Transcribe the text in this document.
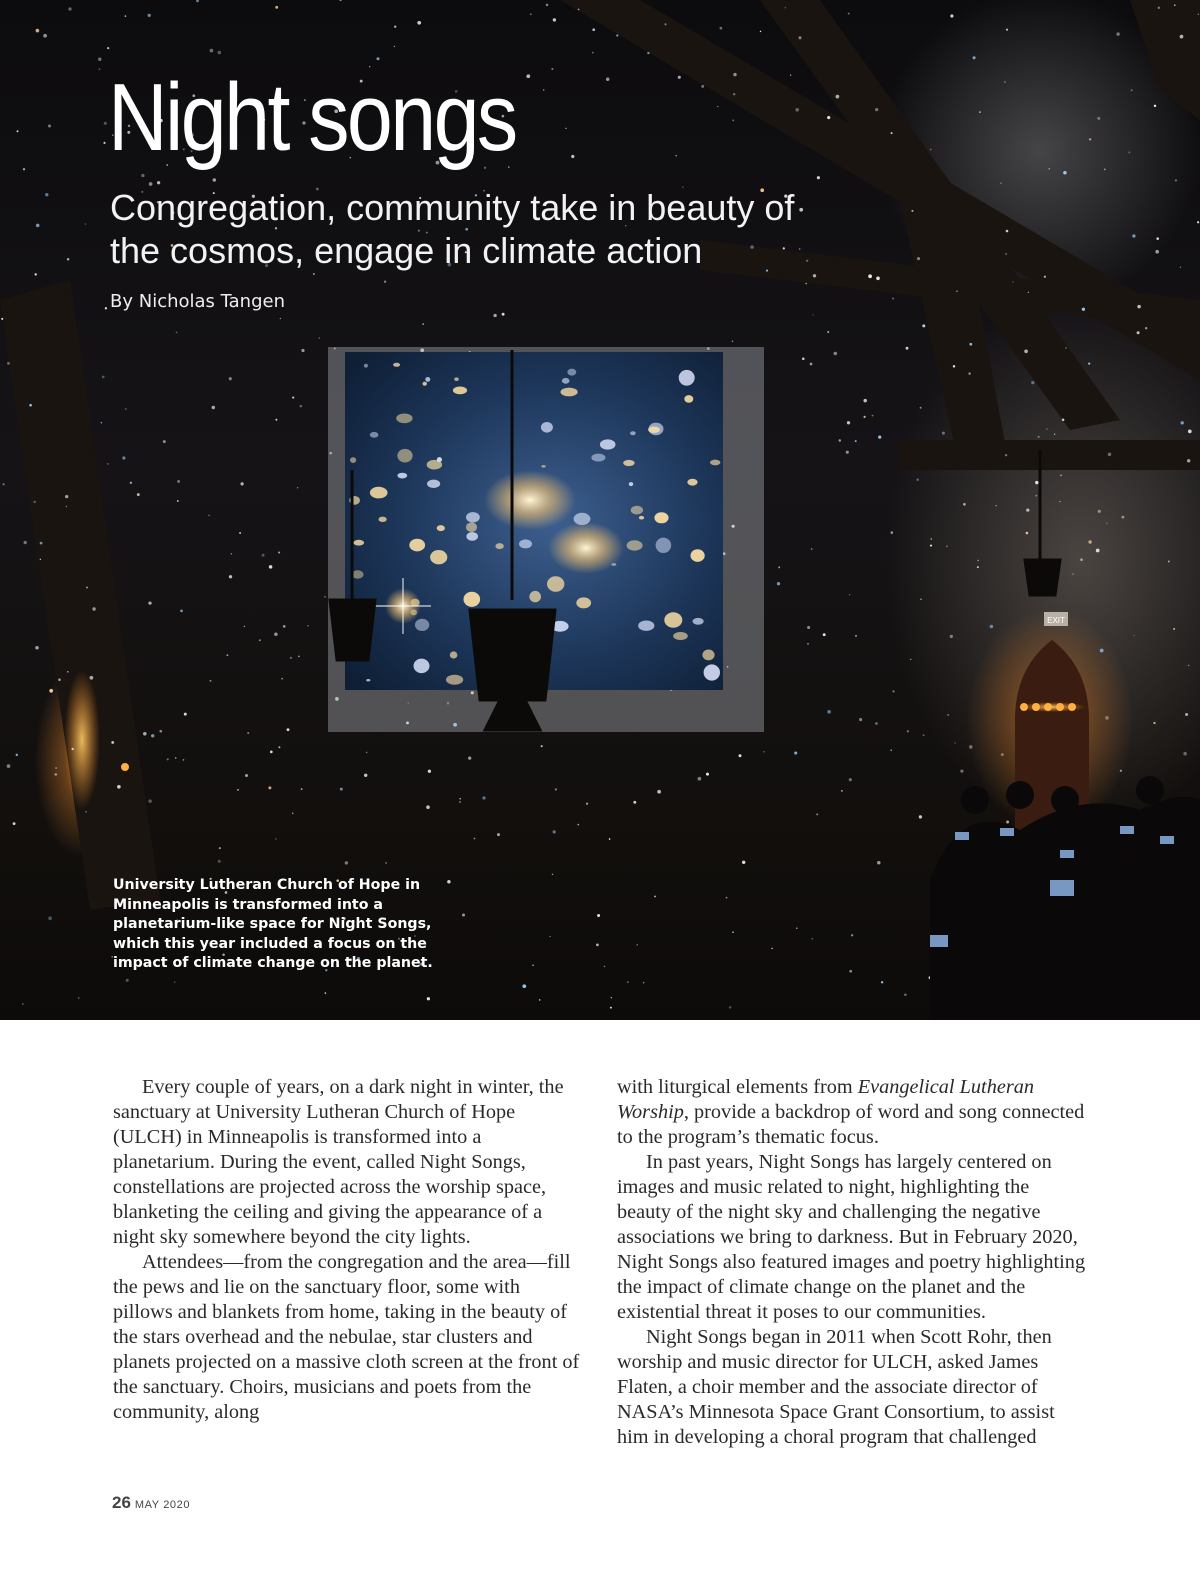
EXIT
Night songs

Congregation, community take in beauty of the cosmos, engage in climate action

By Nicholas Tangen

University Lutheran Church of Hope in Minneapolis is transformed into a planetarium-like space for Night Songs, which this year included a focus on the impact of climate change on the planet.

Every couple of years, on a dark night in winter, the sanctuary at University Lutheran Church of Hope (ULCH) in Minneapolis is transformed into a planetarium. During the event, called Night Songs, constellations are projected across the worship space, blanketing the ceiling and giving the appearance of a night sky somewhere beyond the city lights.

Attendees—from the congregation and the area—fill the pews and lie on the sanctuary floor, some with pillows and blankets from home, taking in the beauty of the stars overhead and the nebulae, star clusters and planets projected on a massive cloth screen at the front of the sanctuary. Choirs, musicians and poets from the community, along

with liturgical elements from Evangelical Lutheran Worship, provide a backdrop of word and song connected to the program’s thematic focus.

In past years, Night Songs has largely centered on images and music related to night, highlighting the beauty of the night sky and challenging the negative associations we bring to darkness. But in February 2020, Night Songs also featured images and poetry highlighting the impact of climate change on the planet and the existential threat it poses to our communities.

Night Songs began in 2011 when Scott Rohr, then worship and music director for ULCH, asked James Flaten, a choir member and the associate director of NASA’s Minnesota Space Grant Consortium, to assist him in developing a choral program that challenged

26 MAY 2020
